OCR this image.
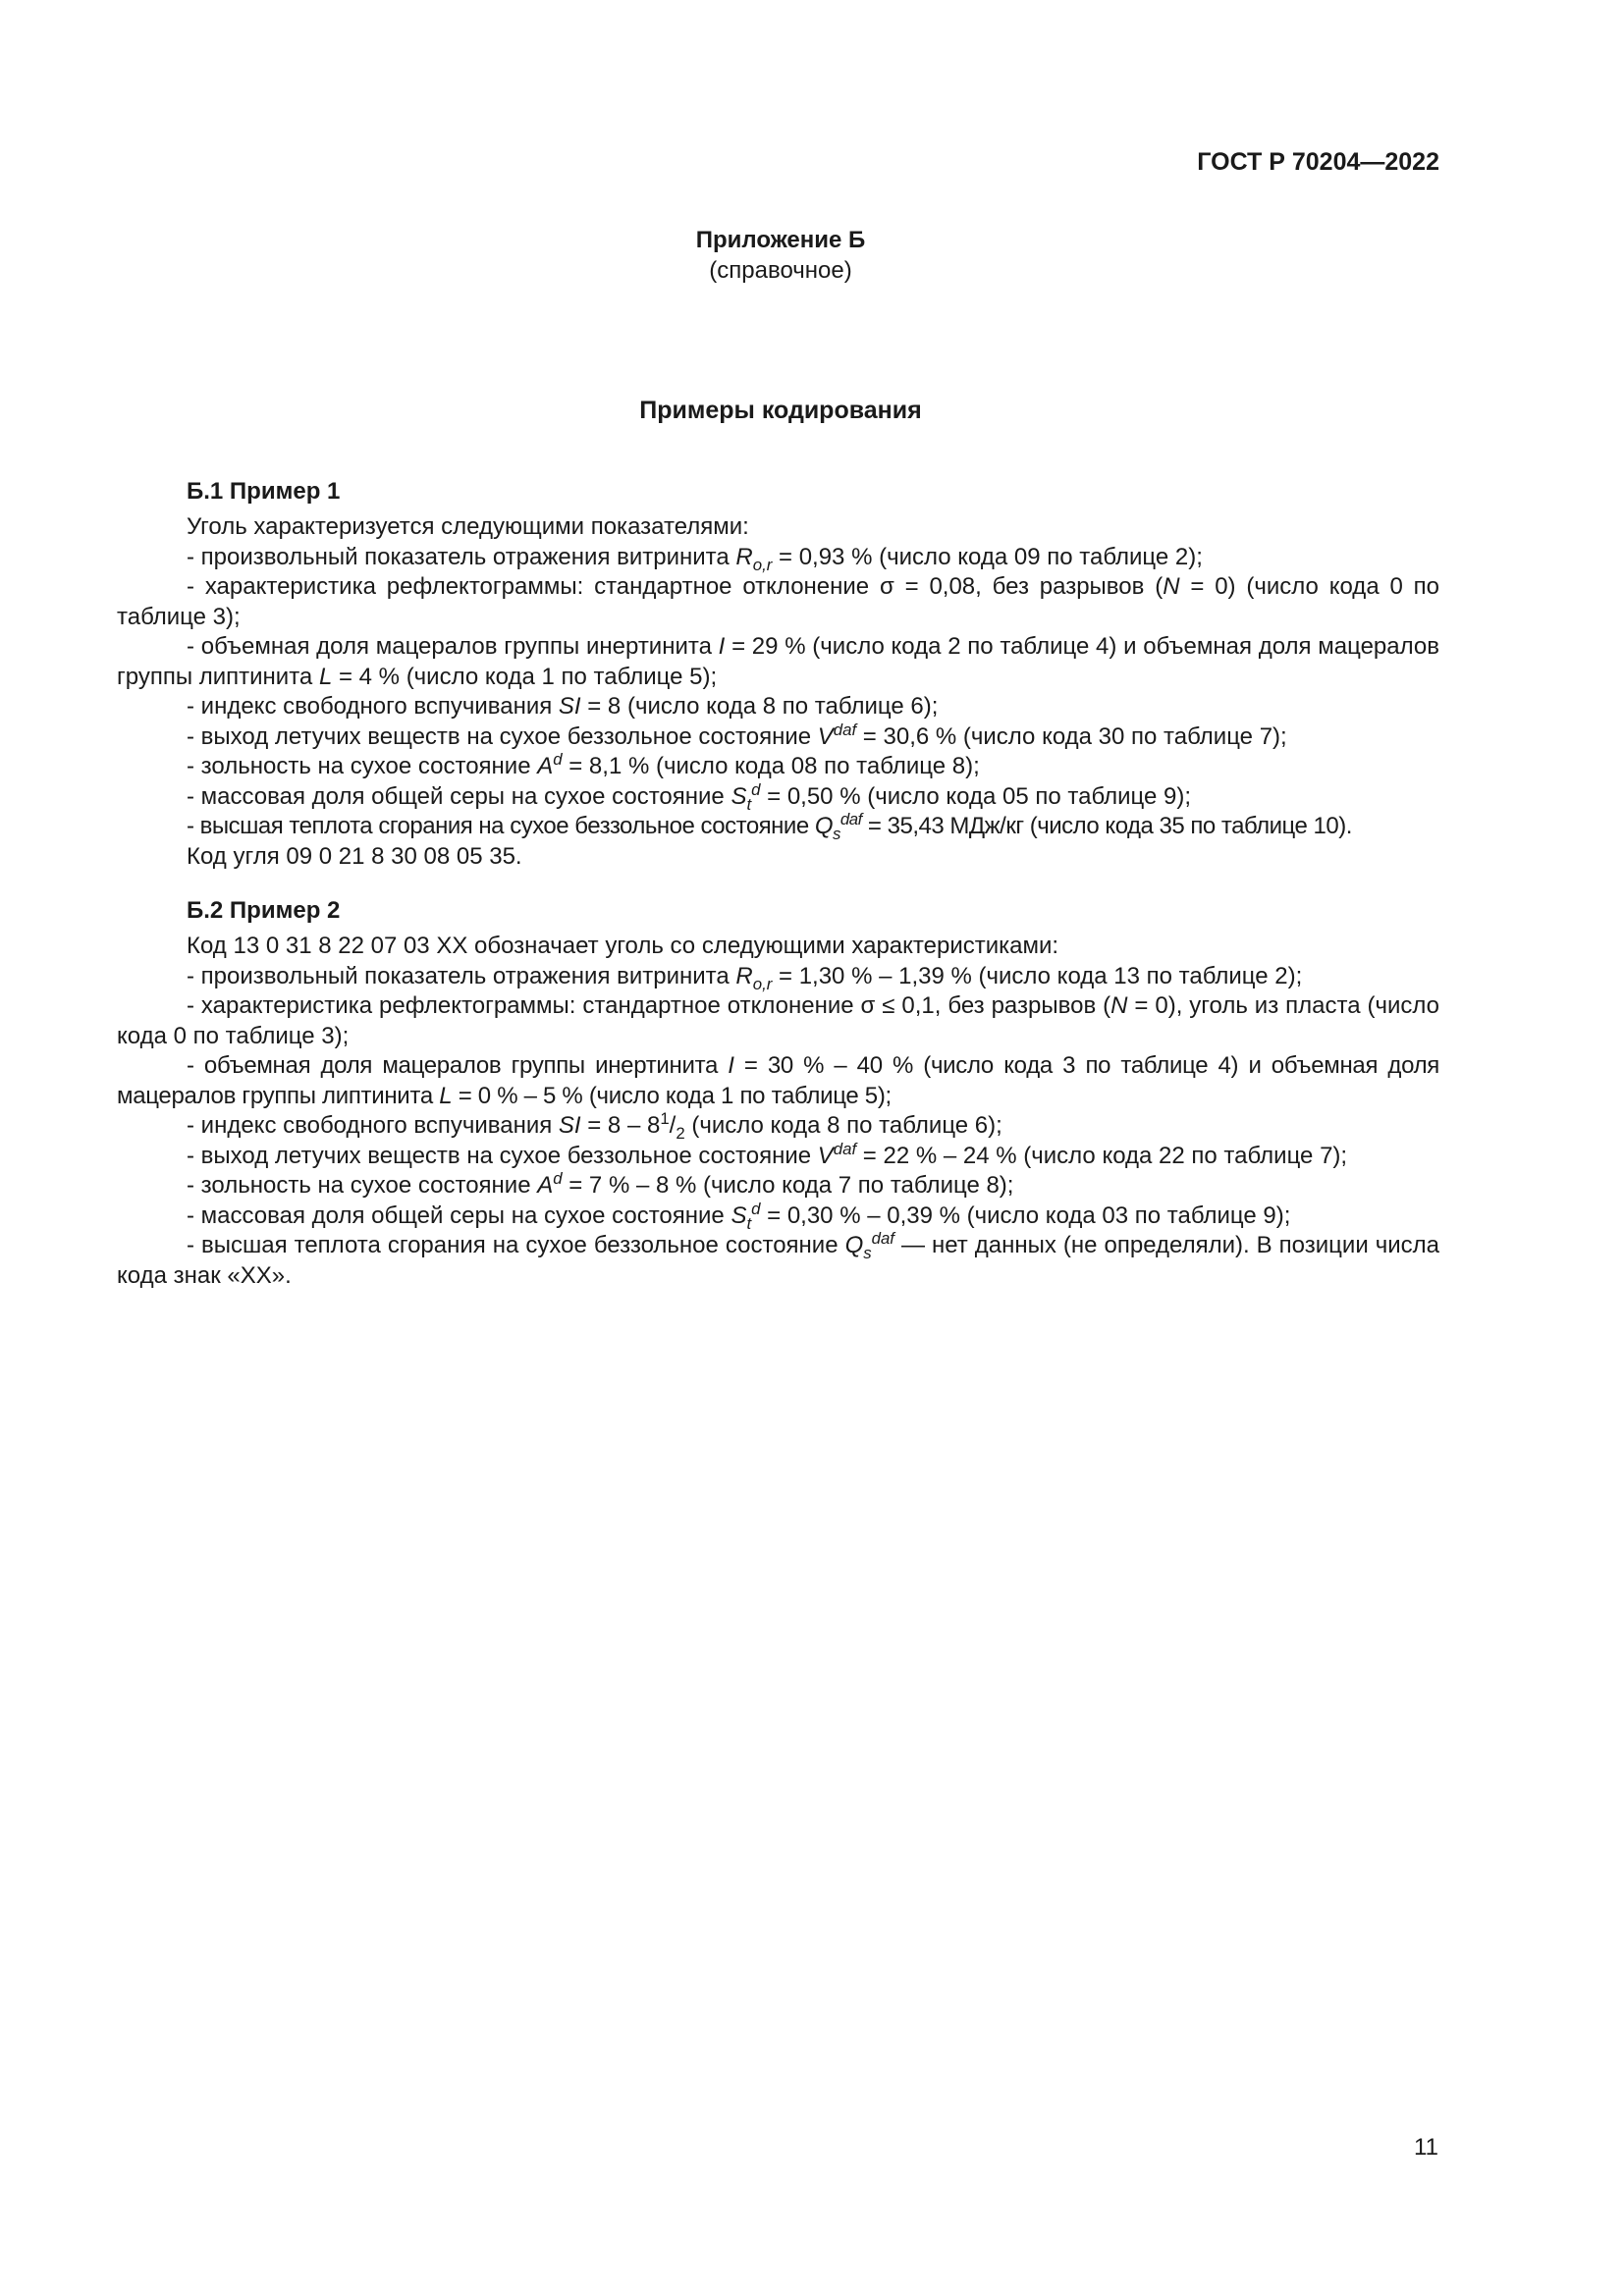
ГОСТ Р 70204—2022
Приложение Б
(справочное)
Примеры кодирования
Б.1 Пример 1

Уголь характеризуется следующими показателями:

- произвольный показатель отражения витринита $R_{o,r} = 0,93$ % (число кода 09 по таблице 2);

- характеристика рефлектограммы: стандартное отклонение σ = 0,08, без разрывов (N = 0) (число кода 0 по таблице 3);

- объемная доля мацералов группы инертинита I = 29 % (число кода 2 по таблице 4) и объемная доля мацералов группы липтинита L = 4 % (число кода 1 по таблице 5);

- индекс свободного вспучивания SI = 8 (число кода 8 по таблице 6);

- выход летучих веществ на сухое беззольное состояние $V^{daf} = 30,6$ % (число кода 30 по таблице 7);

- зольность на сухое состояние $A^d = 8,1$ % (число кода 08 по таблице 8);

- массовая доля общей серы на сухое состояние $S_t^d = 0,50$ % (число кода 05 по таблице 9);

- высшая теплота сгорания на сухое беззольное состояние $Q_s^{daf} = 35,43$ МДж/кг (число кода 35 по таблице 10).

Код угля 09 0 21 8 30 08 05 35.

Б.2 Пример 2

Код 13 0 31 8 22 07 03 XX обозначает уголь со следующими характеристиками:

- произвольный показатель отражения витринита $R_{o,r} = 1,30$ % – 1,39 % (число кода 13 по таблице 2);

- характеристика рефлектограммы: стандартное отклонение σ ≤ 0,1, без разрывов (N = 0), уголь из пласта (число кода 0 по таблице 3);

- объемная доля мацералов группы инертинита I = 30 % – 40 % (число кода 3 по таблице 4) и объемная доля мацералов группы липтинита L = 0 % – 5 % (число кода 1 по таблице 5);

- индекс свободного вспучивания SI = $8 - 8^1/_2$ (число кода 8 по таблице 6);

- выход летучих веществ на сухое беззольное состояние $V^{daf} = 22$ % – 24 % (число кода 22 по таблице 7);

- зольность на сухое состояние $A^d = 7$ % – 8 % (число кода 7 по таблице 8);

- массовая доля общей серы на сухое состояние $S_t^d = 0,30$ % – 0,39 % (число кода 03 по таблице 9);

- высшая теплота сгорания на сухое беззольное состояние $Q_s^{daf}$ — нет данных (не определяли). В позиции числа кода знак «XX».

11
